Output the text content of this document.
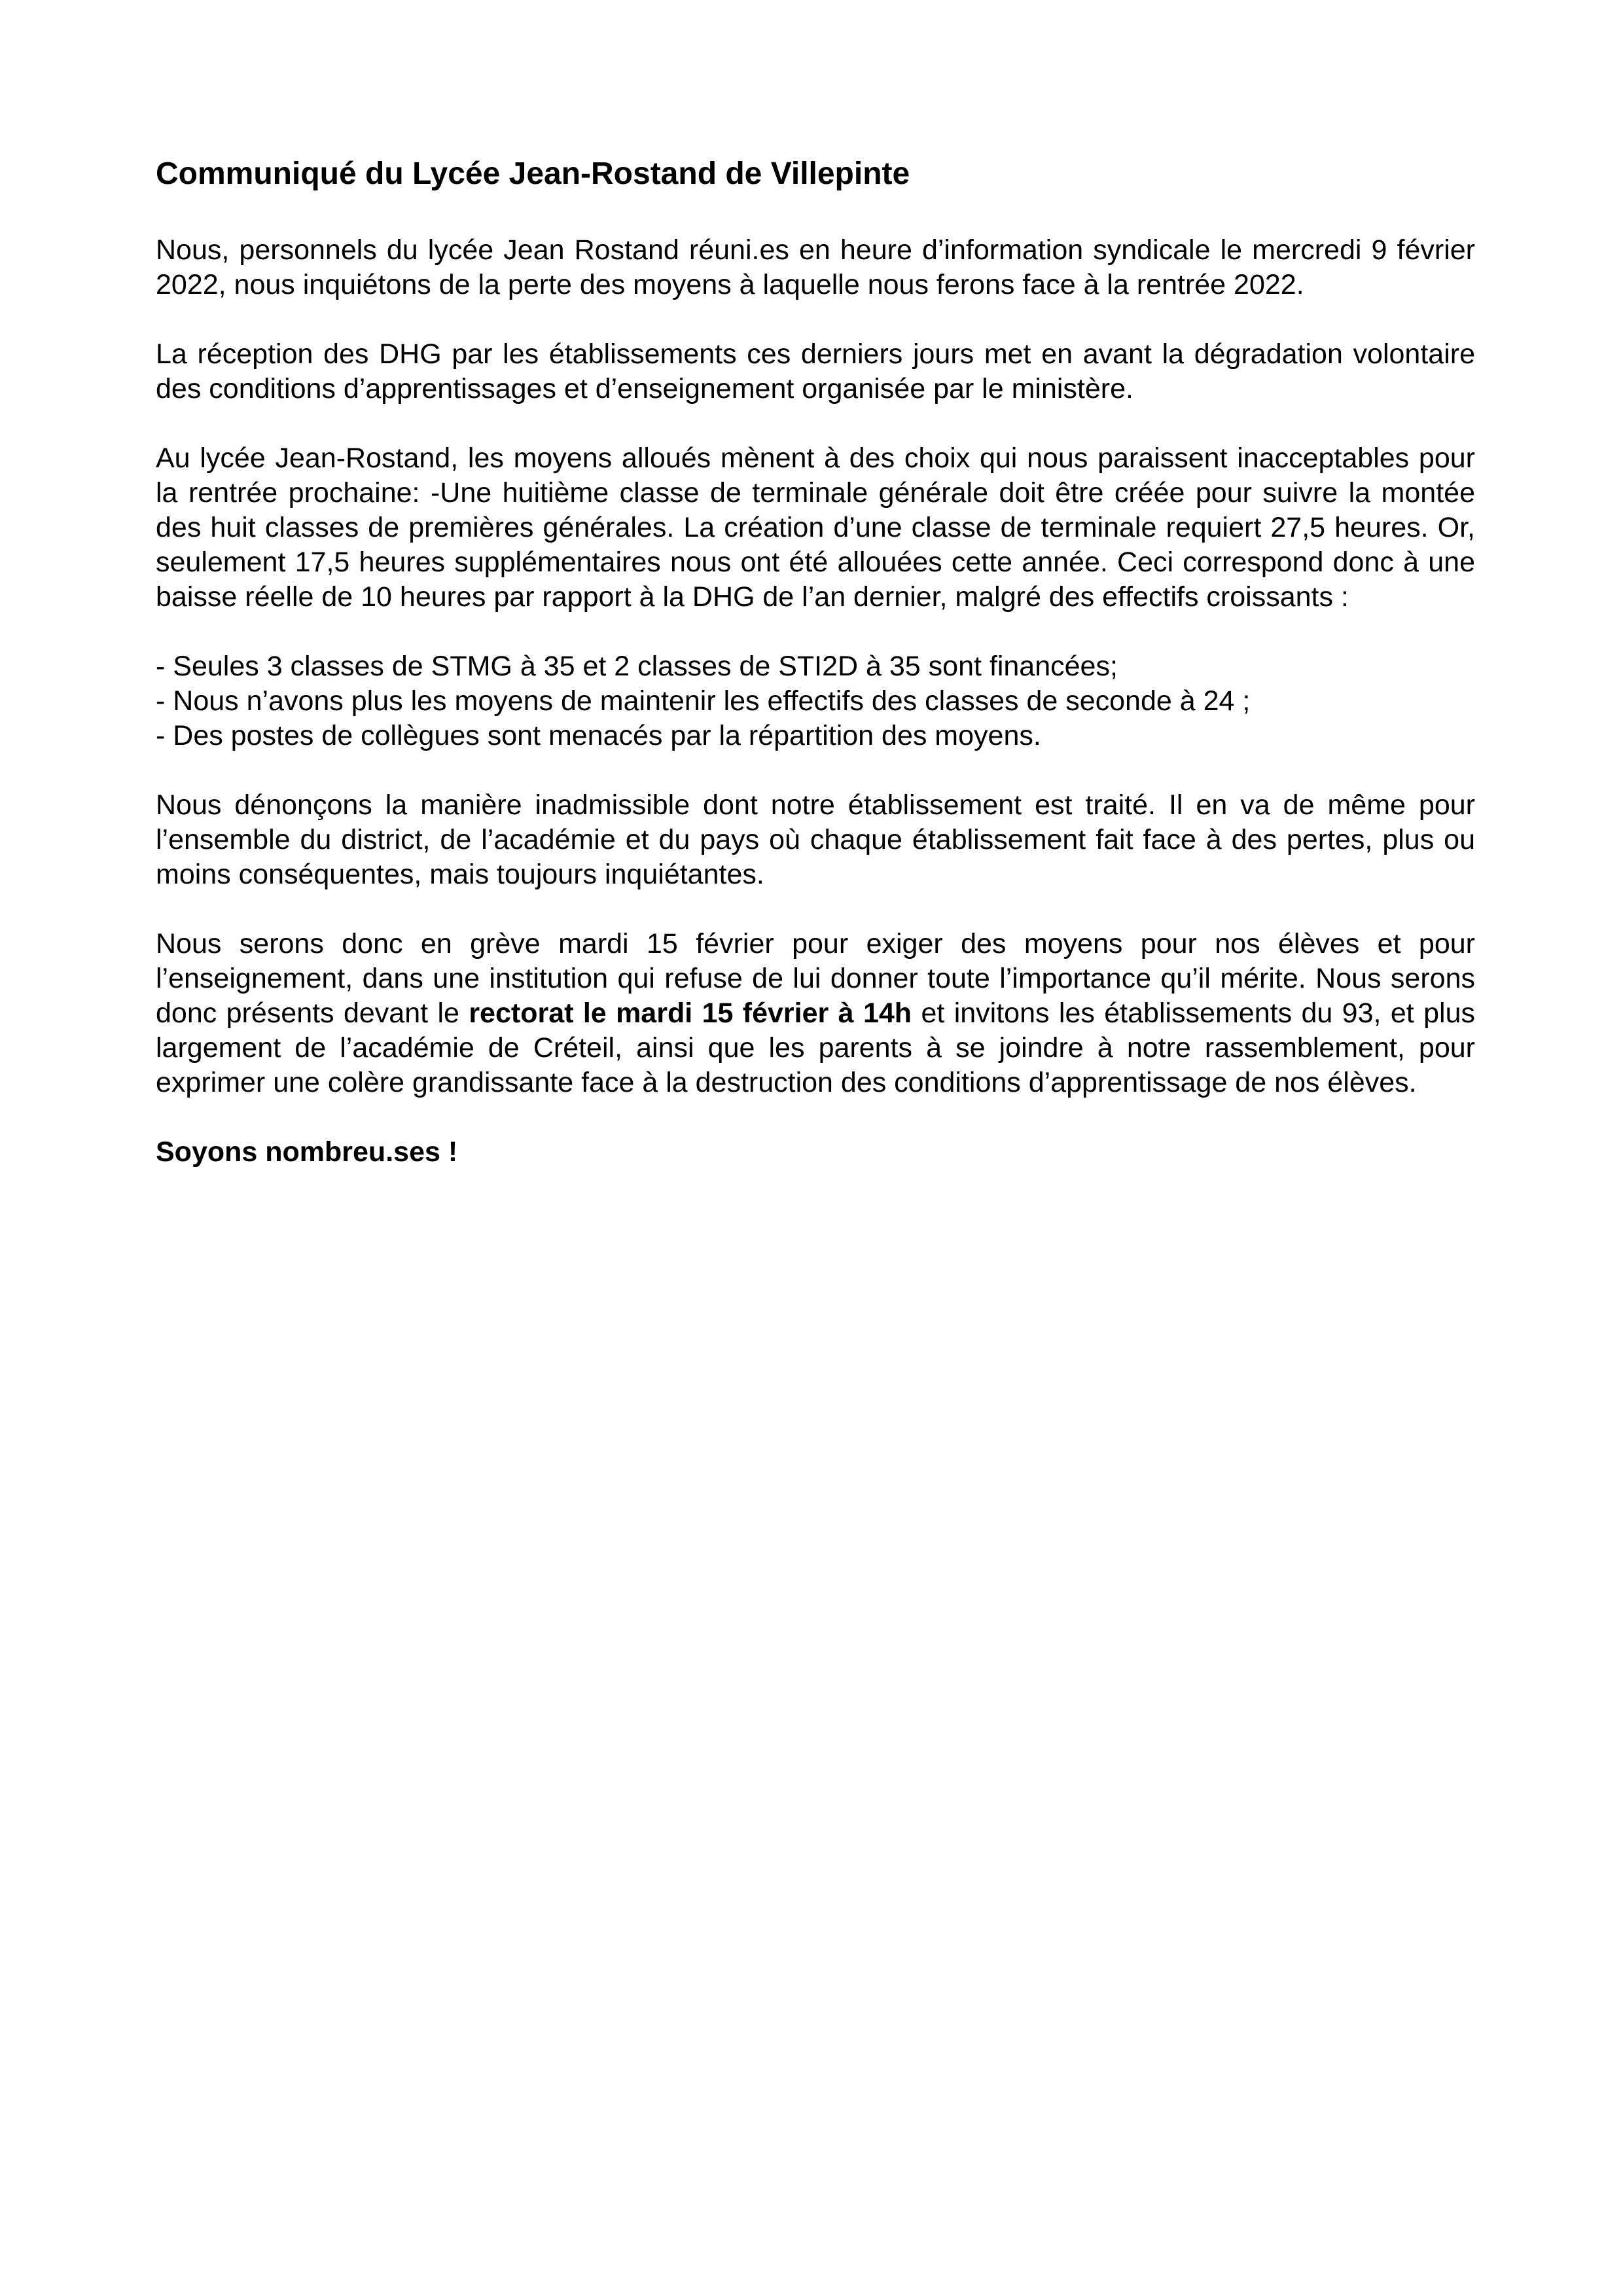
Communiqué du Lycée Jean-Rostand de Villepinte

Nous, personnels du lycée Jean Rostand réuni.es en heure d’information syndicale le mercredi 9 février 2022, nous inquiétons de la perte des moyens à laquelle nous ferons face à la rentrée 2022.

La réception des DHG par les établissements ces derniers jours met en avant la dégradation volontaire des conditions d’apprentissages et d’enseignement organisée par le ministère.

Au lycée Jean-Rostand, les moyens alloués mènent à des choix qui nous paraissent inacceptables pour la rentrée prochaine: -Une huitième classe de terminale générale doit être créée pour suivre la montée des huit classes de premières générales. La création d’une classe de terminale requiert 27,5 heures. Or, seulement 17,5 heures supplémentaires nous ont été allouées cette année. Ceci correspond donc à une baisse réelle de 10 heures par rapport à la DHG de l’an dernier, malgré des effectifs croissants :

- Seules 3 classes de STMG à 35 et 2 classes de STI2D à 35 sont financées;
- Nous n’avons plus les moyens de maintenir les effectifs des classes de seconde à 24 ;
- Des postes de collègues sont menacés par la répartition des moyens.

Nous dénonçons la manière inadmissible dont notre établissement est traité. Il en va de même pour l’ensemble du district, de l’académie et du pays où chaque établissement fait face à des pertes, plus ou moins conséquentes, mais toujours inquiétantes.

Nous serons donc en grève mardi 15 février pour exiger des moyens pour nos élèves et pour l’enseignement, dans une institution qui refuse de lui donner toute l’importance qu’il mérite. Nous serons donc présents devant le rectorat le mardi 15 février à 14h et invitons les établissements du 93, et plus largement de l’académie de Créteil, ainsi que les parents à se joindre à notre rassemblement, pour exprimer une colère grandissante face à la destruction des conditions d’apprentissage de nos élèves.

Soyons nombreu.ses !
